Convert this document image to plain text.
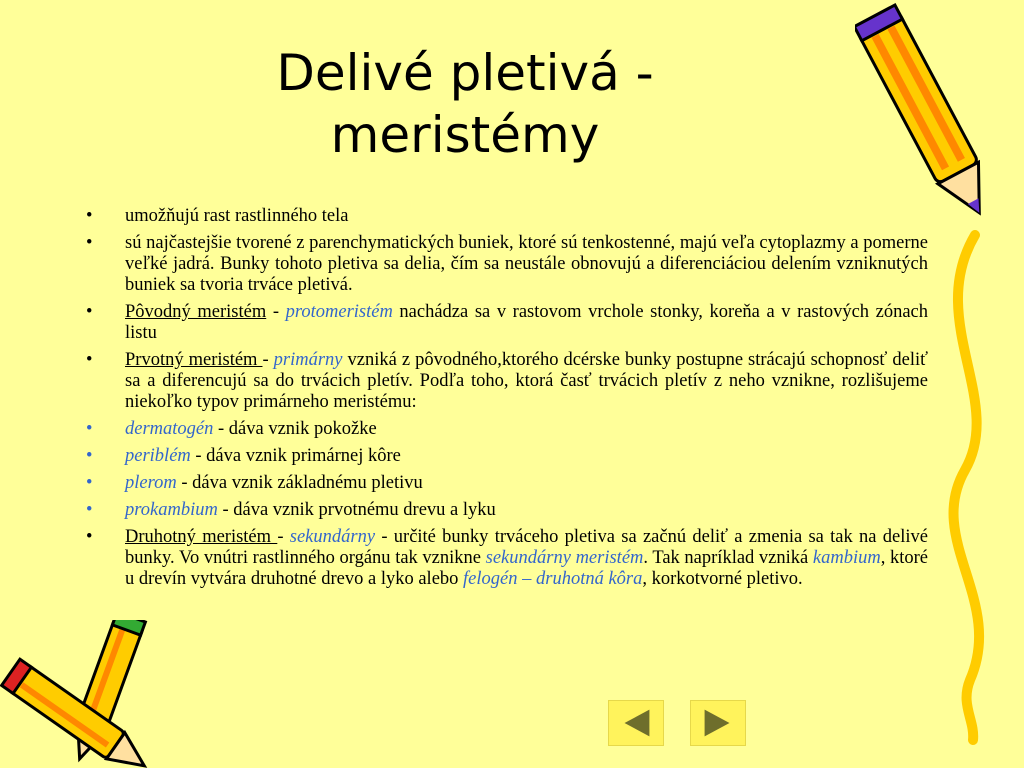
Delivé pletivá -
meristémy
• umožňujú rast rastlinného tela
• sú najčastejšie tvorené z parenchymatických buniek, ktoré sú tenkostenné, majú veľa cytoplazmy a pomerne veľké jadrá. Bunky tohoto pletiva sa delia, čím sa neustále obnovujú a diferenciáciou delením vzniknutých buniek sa tvoria trváce pletivá.
• Pôvodný meristém - protomeristém nachádza sa v rastovom vrchole stonky, koreňa a v rastových zónach listu
• Prvotný meristém - primárny vzniká z pôvodného,ktorého dcérske bunky postupne strácajú schopnosť deliť sa a diferencujú sa do trvácich pletív. Podľa toho, ktorá časť trvácich pletív z neho vznikne, rozlišujeme niekoľko typov primárneho meristému:
• dermatogén - dáva vznik pokožke
• periblém - dáva vznik primárnej kôre
• plerom - dáva vznik základnému pletivu
• prokambium - dáva vznik prvotnému drevu a lyku
• Druhotný meristém - sekundárny - určité bunky trváceho pletiva sa začnú deliť a zmenia sa tak na delivé bunky. Vo vnútri rastlinného orgánu tak vznikne sekundárny meristém. Tak napríklad vzniká kambium, ktoré u drevín vytvára druhotné drevo a lyko alebo felogén – druhotná kôra, korkotvorné pletivo.
